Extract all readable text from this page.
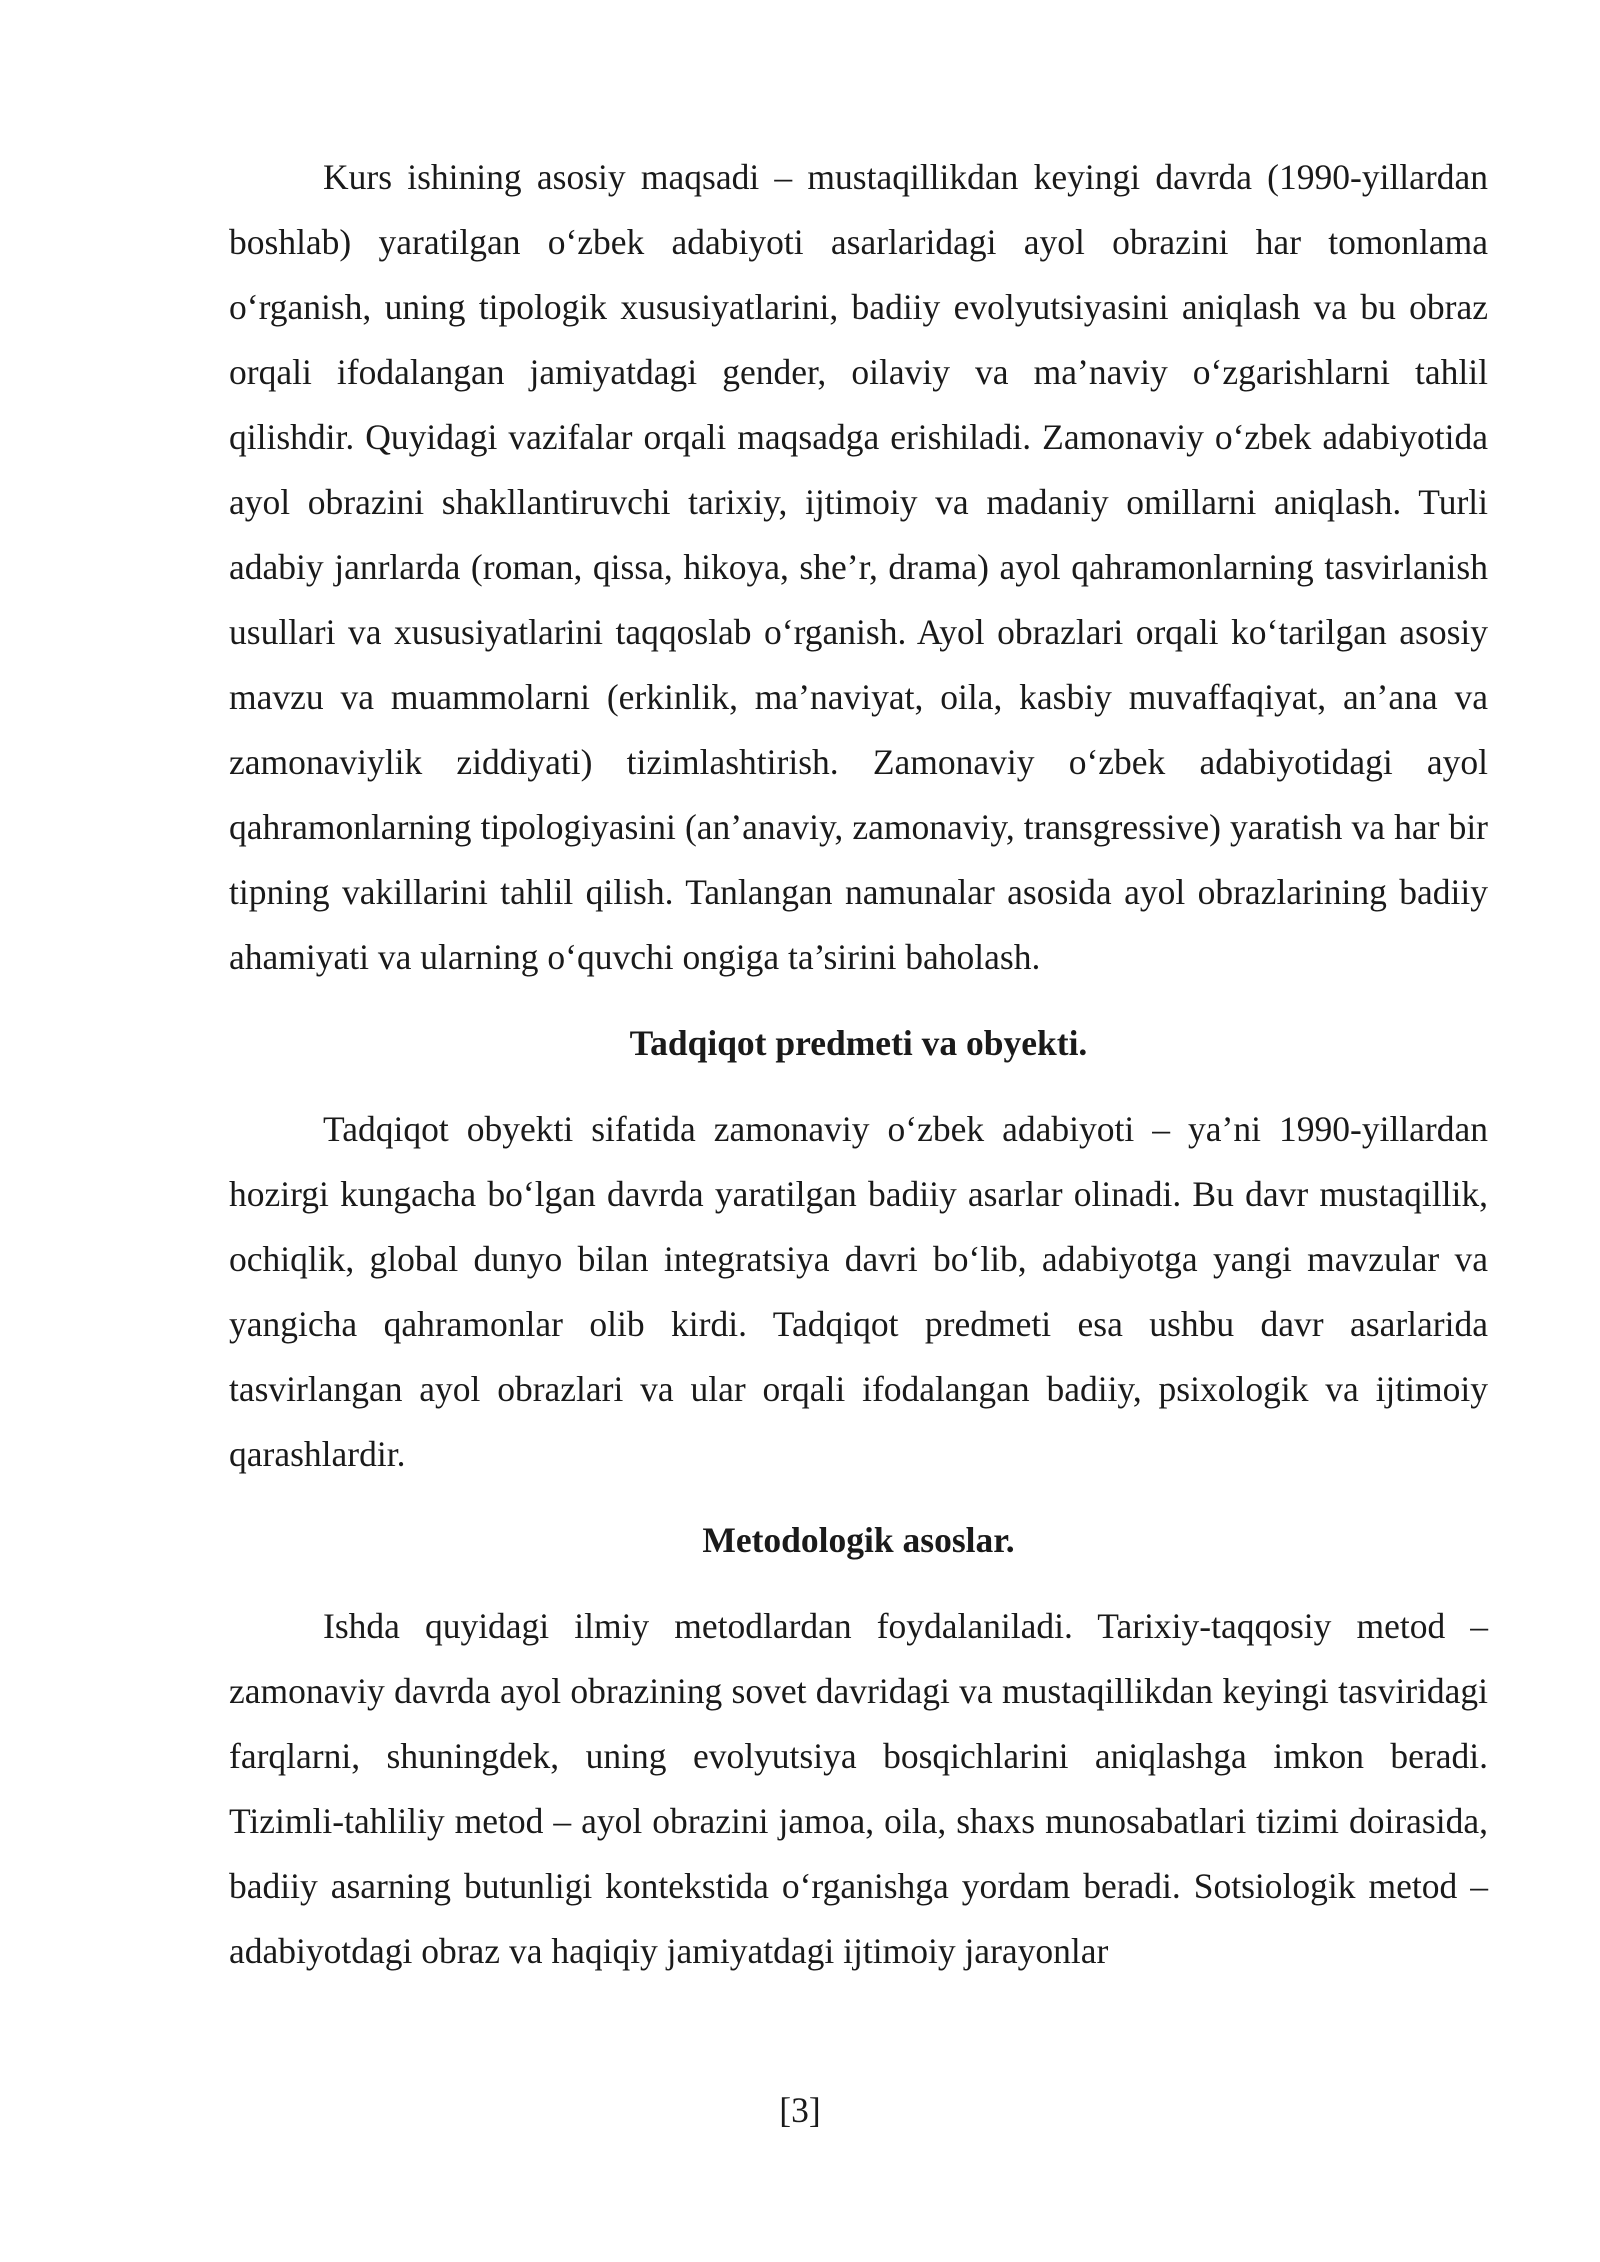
Kurs ishining asosiy maqsadi – mustaqillikdan keyingi davrda (1990-yillardan boshlab) yaratilgan o‘zbek adabiyoti asarlaridagi ayol obrazini har tomonlama o‘rganish, uning tipologik xususiyatlarini, badiiy evolyutsiyasini aniqlash va bu obraz orqali ifodalangan jamiyatdagi gender, oilaviy va ma’naviy o‘zgarishlarni tahlil qilishdir. Quyidagi vazifalar orqali maqsadga erishiladi. Zamonaviy o‘zbek adabiyotida ayol obrazini shakllantiruvchi tarixiy, ijtimoiy va madaniy omillarni aniqlash. Turli adabiy janrlarda (roman, qissa, hikoya, she’r, drama) ayol qahramonlarning tasvirlanish usullari va xususiyatlarini taqqoslab o‘rganish. Ayol obrazlari orqali ko‘tarilgan asosiy mavzu va muammolarni (erkinlik, ma’naviyat, oila, kasbiy muvaffaqiyat, an’ana va zamonaviylik ziddiyati) tizimlashtirish. Zamonaviy o‘zbek adabiyotidagi ayol qahramonlarning tipologiyasini (an’anaviy, zamonaviy, transgressive) yaratish va har bir tipning vakillarini tahlil qilish. Tanlangan namunalar asosida ayol obrazlarining badiiy ahamiyati va ularning o‘quvchi ongiga ta’sirini baholash.

Tadqiqot predmeti va obyekti.

Tadqiqot obyekti sifatida zamonaviy o‘zbek adabiyoti – ya’ni 1990-yillardan hozirgi kungacha bo‘lgan davrda yaratilgan badiiy asarlar olinadi. Bu davr mustaqillik, ochiqlik, global dunyo bilan integratsiya davri bo‘lib, adabiyotga yangi mavzular va yangicha qahramonlar olib kirdi. Tadqiqot predmeti esa ushbu davr asarlarida tasvirlangan ayol obrazlari va ular orqali ifodalangan badiiy, psixologik va ijtimoiy qarashlardir.

Metodologik asoslar.

Ishda quyidagi ilmiy metodlardan foydalaniladi. Tarixiy-taqqosiy metod – zamonaviy davrda ayol obrazining sovet davridagi va mustaqillikdan keyingi tasviridagi farqlarni, shuningdek, uning evolyutsiya bosqichlarini aniqlashga imkon beradi. Tizimli-tahliliy metod – ayol obrazini jamoa, oila, shaxs munosabatlari tizimi doirasida, badiiy asarning butunligi kontekstida o‘rganishga yordam beradi. Sotsiologik metod – adabiyotdagi obraz va haqiqiy jamiyatdagi ijtimoiy jarayonlar

[3]
